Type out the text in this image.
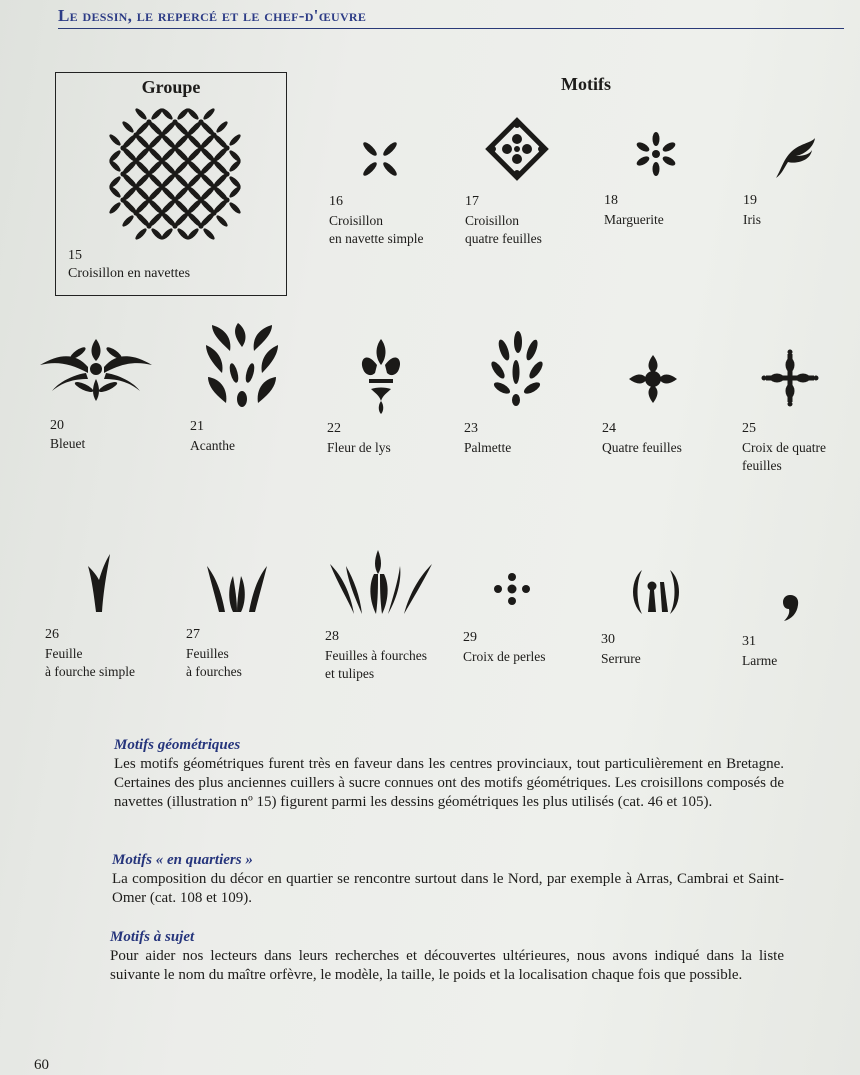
Le dessin, le repercé et le chef-d'œuvre
Groupe
15
Croisillon en navettes
Motifs
16
Croisillon
en navette simple
17
Croisillon
quatre feuilles
18
Marguerite
19
Iris
20
Bleuet
21
Acanthe
22
Fleur de lys
23
Palmette
24
Quatre feuilles
25
Croix de quatre
feuilles
26
Feuille
à fourche simple
27
Feuilles
à fourches
28
Feuilles à fourches
et tulipes
29
Croix de perles
30
Serrure
31
Larme
Motifs géométriques
Les motifs géométriques furent très en faveur dans les centres provinciaux, tout particulièrement en Bretagne. Certaines des plus anciennes cuillers à sucre connues ont des motifs géométriques. Les croisillons composés de navettes (illustration nº 15) figurent parmi les dessins géométriques les plus utilisés (cat. 46 et 105).
Motifs « en quartiers »
La composition du décor en quartier se rencontre surtout dans le Nord, par exemple à Arras, Cambrai et Saint-Omer (cat. 108 et 109).
Motifs à sujet
Pour aider nos lecteurs dans leurs recherches et découvertes ultérieures, nous avons indiqué dans la liste suivante le nom du maître orfèvre, le modèle, la taille, le poids et la localisation chaque fois que possible.
60
